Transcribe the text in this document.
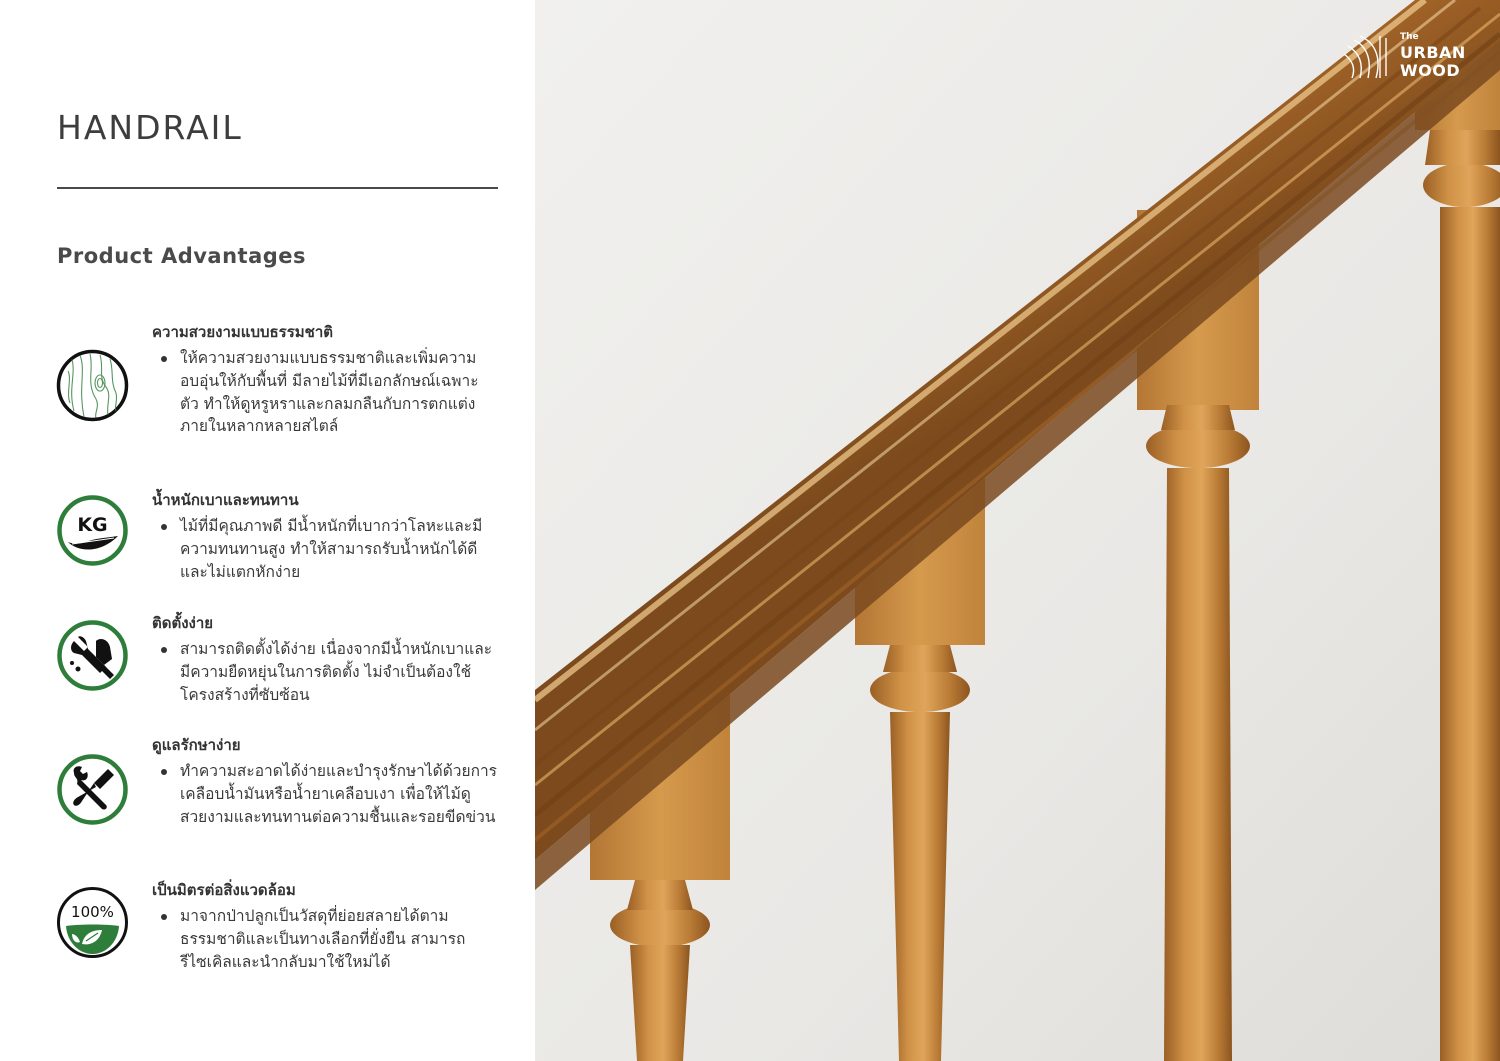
HANDRAIL
Product Advantages

ความสวยงามแบบธรรมชาติ

ให้ความสวยงามแบบธรรมชาติและเพิ่มความอบอุ่นให้กับพื้นที่ มีลายไม้ที่มีเอกลักษณ์เฉพาะตัว ทำให้ดูหรูหราและกลมกลืนกับการตกแต่งภายในหลากหลายสไตล์
KG

น้ำหนักเบาและทนทาน

ไม้ที่มีคุณภาพดี มีน้ำหนักที่เบากว่าโลหะและมีความทนทานสูง ทำให้สามารถรับน้ำหนักได้ดีและไม่แตกหักง่าย

ติดตั้งง่าย

สามารถติดตั้งได้ง่าย เนื่องจากมีน้ำหนักเบาและมีความยืดหยุ่นในการติดตั้ง ไม่จำเป็นต้องใช้โครงสร้างที่ซับซ้อน

ดูแลรักษาง่าย

ทำความสะอาดได้ง่ายและบำรุงรักษาได้ด้วยการเคลือบน้ำมันหรือน้ำยาเคลือบเงา เพื่อให้ไม้ดูสวยงามและทนทานต่อความชื้นและรอยขีดข่วน
100%

เป็นมิตรต่อสิ่งแวดล้อม

มาจากป่าปลูกเป็นวัสดุที่ย่อยสลายได้ตามธรรมชาติและเป็นทางเลือกที่ยั่งยืน สามารถรีไซเคิลและนำกลับมาใช้ใหม่ได้
The
URBAN
WOOD
